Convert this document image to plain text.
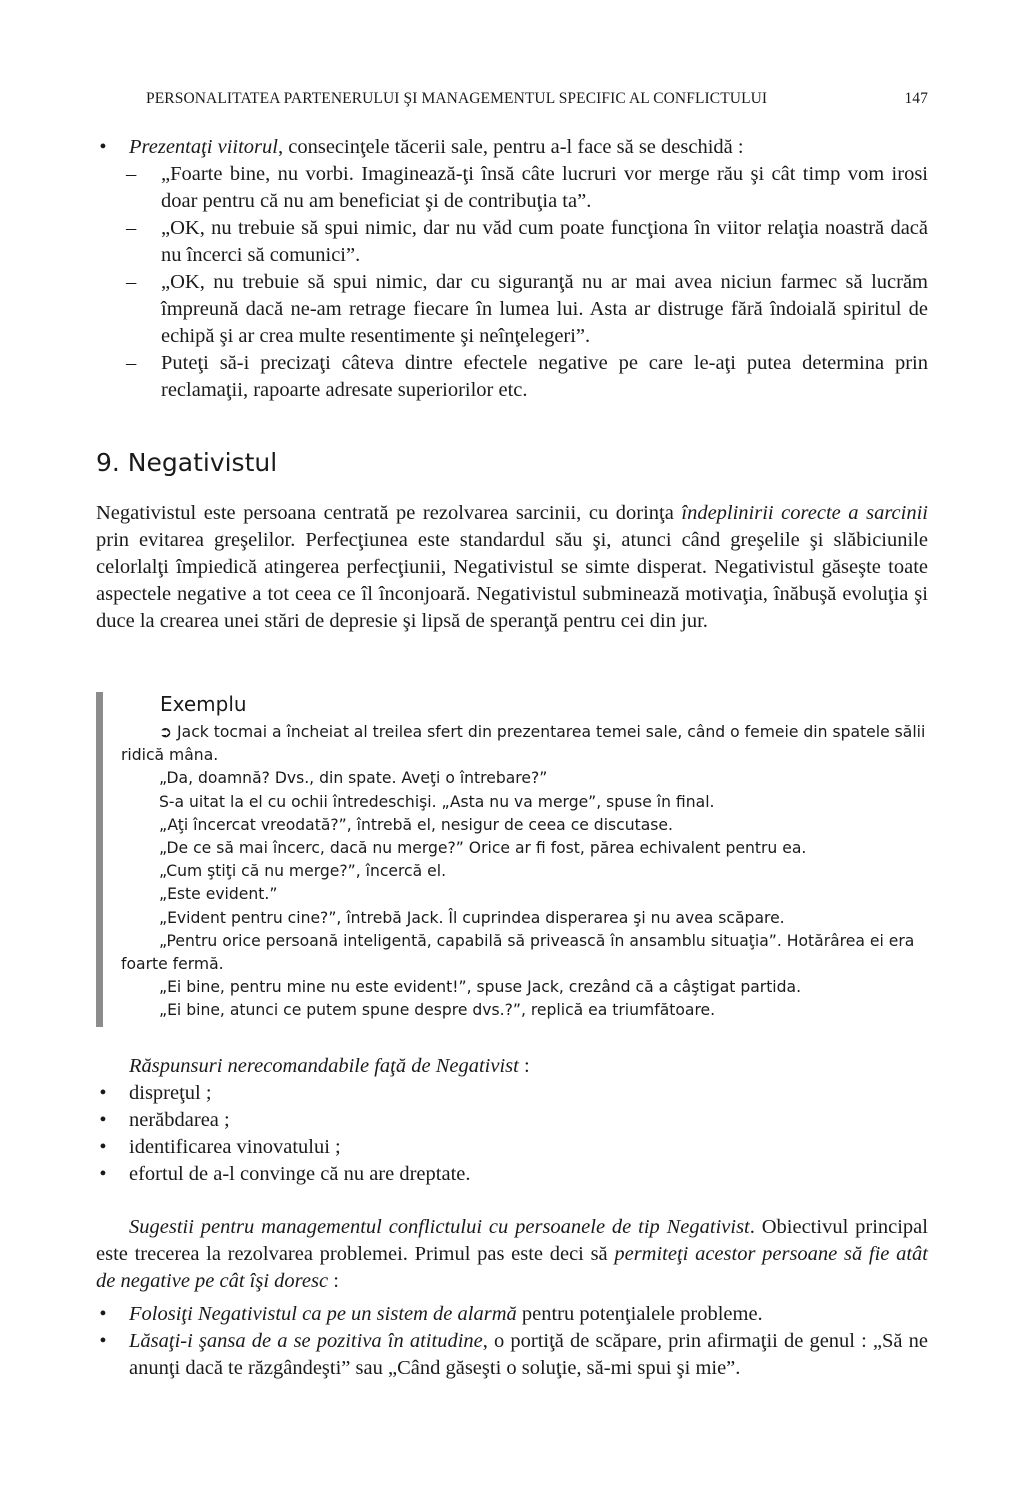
PERSONALITATEA PARTENERULUI ŞI MANAGEMENTUL SPECIFIC AL CONFLICTULUI	147
• Prezentaţi viitorul, consecinţele tăcerii sale, pentru a-l face să se deschidă :
– „Foarte bine, nu vorbi. Imaginează-ţi însă câte lucruri vor merge rău şi cât timp vom irosi doar pentru că nu am beneficiat şi de contribuţia ta”.
– „OK, nu trebuie să spui nimic, dar nu văd cum poate funcţiona în viitor relaţia noastră dacă nu încerci să comunici”.
– „OK, nu trebuie să spui nimic, dar cu siguranţă nu ar mai avea niciun farmec să lucrăm împreună dacă ne-am retrage fiecare în lumea lui. Asta ar distruge fără îndoială spiritul de echipă şi ar crea multe resentimente şi neînţelegeri”.
– Puteţi să-i precizaţi câteva dintre efectele negative pe care le-aţi putea determina prin reclamaţii, rapoarte adresate superiorilor etc.
9. Negativistul

Negativistul este persoana centrată pe rezolvarea sarcinii, cu dorinţa îndeplinirii corecte a sarcinii prin evitarea greşelilor. Perfecţiunea este standardul său şi, atunci când greşelile şi slăbiciunile celorlalţi împiedică atingerea perfecţiunii, Negativistul se simte disperat. Negativistul găseşte toate aspectele negative a tot ceea ce îl înconjoară. Negativistul subminează motivaţia, înăbuşă evoluţia şi duce la crearea unei stări de depresie şi lipsă de speranţă pentru cei din jur.

Exemplu

➲ Jack tocmai a încheiat al treilea sfert din prezentarea temei sale, când o femeie din spatele sălii ridică mâna.

„Da, doamnă? Dvs., din spate. Aveţi o întrebare?”

S-a uitat la el cu ochii întredeschişi. „Asta nu va merge”, spuse în final.

„Aţi încercat vreodată?”, întrebă el, nesigur de ceea ce discutase.

„De ce să mai încerc, dacă nu merge?” Orice ar fi fost, părea echivalent pentru ea.

„Cum ştiţi că nu merge?”, încercă el.

„Este evident.”

„Evident pentru cine?”, întrebă Jack. Îl cuprindea disperarea şi nu avea scăpare.

„Pentru orice persoană inteligentă, capabilă să privească în ansamblu situaţia”. Hotărârea ei era foarte fermă.

„Ei bine, pentru mine nu este evident!”, spuse Jack, crezând că a câştigat partida.

„Ei bine, atunci ce putem spune despre dvs.?”, replică ea triumfătoare.

Răspunsuri nerecomandabile faţă de Negativist :

• dispreţul ;
• nerăbdarea ;
• identificarea vinovatului ;
• efortul de a-l convinge că nu are dreptate.

Sugestii pentru managementul conflictului cu persoanele de tip Negativist. Obiectivul principal este trecerea la rezolvarea problemei. Primul pas este deci să permiteţi acestor persoane să fie atât de negative pe cât îşi doresc :

• Folosiţi Negativistul ca pe un sistem de alarmă pentru potenţialele probleme.
• Lăsaţi-i şansa de a se pozitiva în atitudine, o portiţă de scăpare, prin afirmaţii de genul : „Să ne anunţi dacă te răzgândeşti” sau „Când găseşti o soluţie, să-mi spui şi mie”.
